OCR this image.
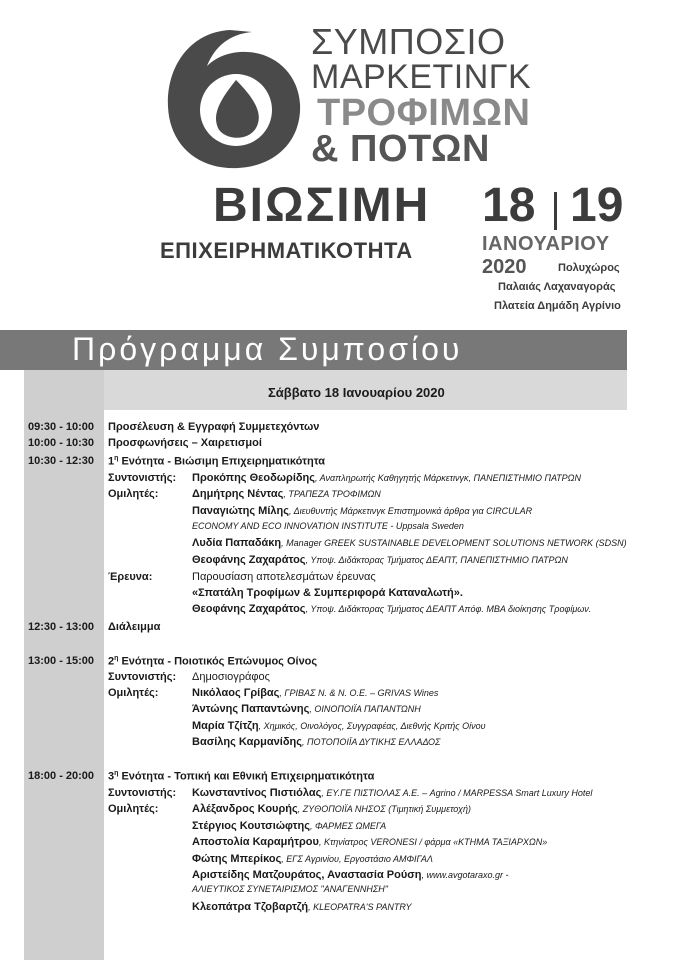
ΣΥΜΠΟΣΙΟ
ΜΑΡΚΕΤΙΝΓΚ
ΤΡΟΦΙΜΩΝ
& ΠΟΤΩΝ
ΒΙΩΣΙΜΗ
ΕΠΙΧΕΙΡΗΜΑΤΙΚΟΤΗΤΑ
18 19
ΙΑΝΟΥΑΡΙΟΥ
2020	Πολυχώρος
Παλαιάς Λαχαναγοράς
Πλατεία Δημάδη Αγρίνιο
Πρόγραμμα Συμποσίου
Σάββατο 18 Ιανουαρίου 2020
09:30 - 10:00 Προσέλευση & Εγγραφή Συμμετεχόντων
10:00 - 10:30 Προσφωνήσεις – Χαιρετισμοί
10:30 - 12:30 $1^\eta$ Ενότητα - Βιώσιμη Επιχειρηματικότητα
Συντονιστής: Προκόπης Θεοδωρίδης, Αναπληρωτής Καθηγητής Μάρκετινγκ, ΠΑΝΕΠΙΣΤΗΜΙΟ ΠΑΤΡΩΝ
Ομιλητές:	Δημήτρης Νέντας, ΤΡΑΠΕΖΑ ΤΡΟΦΙΜΩΝ
Παναγιώτης Μίλης, Διευθυντής Μάρκετινγκ Επιστημονικά άρθρα για CIRCULAR
ECONOMY AND ECO INNOVATION INSTITUTE - Uppsala Sweden
Λυδία Παπαδάκη, Manager GREEK SUSTAINABLE DEVELOPMENT SOLUTIONS NETWORK (SDSN)
Θεοφάνης Ζαχαράτος, Υποψ. Διδάκτορας Τμήματος ΔΕΑΠΤ, ΠΑΝΕΠΙΣΤΗΜΙΟ ΠΑΤΡΩΝ
Έρευνα:	Παρουσίαση αποτελεσμάτων έρευνας
«Σπατάλη Τροφίμων & Συμπεριφορά Καταναλωτή».
Θεοφάνης Ζαχαράτος, Υποψ. Διδάκτορας Τμήματος ΔΕΑΠΤ Απόφ. MBA διοίκησης Τροφίμων.
12:30 - 13:00 Διάλειμμα
13:00 - 15:00 $2^\eta$ Ενότητα - Ποιοτικός Επώνυμος Οίνος
Συντονιστής: Δημοσιογράφος
Ομιλητές:	Νικόλαος Γρίβας, ΓΡΙΒΑΣ Ν. & Ν. Ο.Ε. – GRIVAS Wines
Άντώνης Παπαντώνης, ΟΙΝΟΠΟΙΪΑ ΠΑΠΑΝΤΩΝΗ
Μαρία Τζίτζη, Χημικός, Οινολόγος, Συγγραφέας, Διεθνής Κριτής Οίνου
Βασίλης Καρμανίδης, ΠΟΤΟΠΟΙΪΑ ΔΥΤΙΚΗΣ ΕΛΛΑΔΟΣ
18:00 - 20:00 $3^\eta$ Ενότητα - Τοπική και Εθνική Επιχειρηματικότητα
Συντονιστής: Κωνσταντίνος Πιστιόλας, ΕΥ.ΓΕ ΠΙΣΤΙΟΛΑΣ Α.Ε. – Agrino / MARPESSA Smart Luxury Hotel
Ομιλητές:	Αλέξανδρος Κουρής, ΖΥΘΟΠΟΙΪΑ ΝΗΣΟΣ (Τιμητική Συμμετοχή)
Στέργιος Κουτσιώφτης, ΦΑΡΜΕΣ ΩΜΕΓΑ
Αποστολία Καραμήτρου, Κτηνίατρος VERONESI / φάρμα «ΚΤΗΜΑ ΤΑΞΙΑΡΧΩΝ»
Φώτης Μπερίκος, ΕΓΣ Αγρινίου, Εργοστάσιο ΑΜΦΙΓΑΛ
Αριστείδης Ματζουράτος, Αναστασία Ρούση, www.avgotaraxo.gr -
ΑΛΙΕΥΤΙΚΟΣ ΣΥΝΕΤΑΙΡΙΣΜΟΣ "ΑΝΑΓΕΝΝΗΣΗ"
Κλεοπάτρα Τζοβαρτζή, KLEOPATRA'S PANTRY
